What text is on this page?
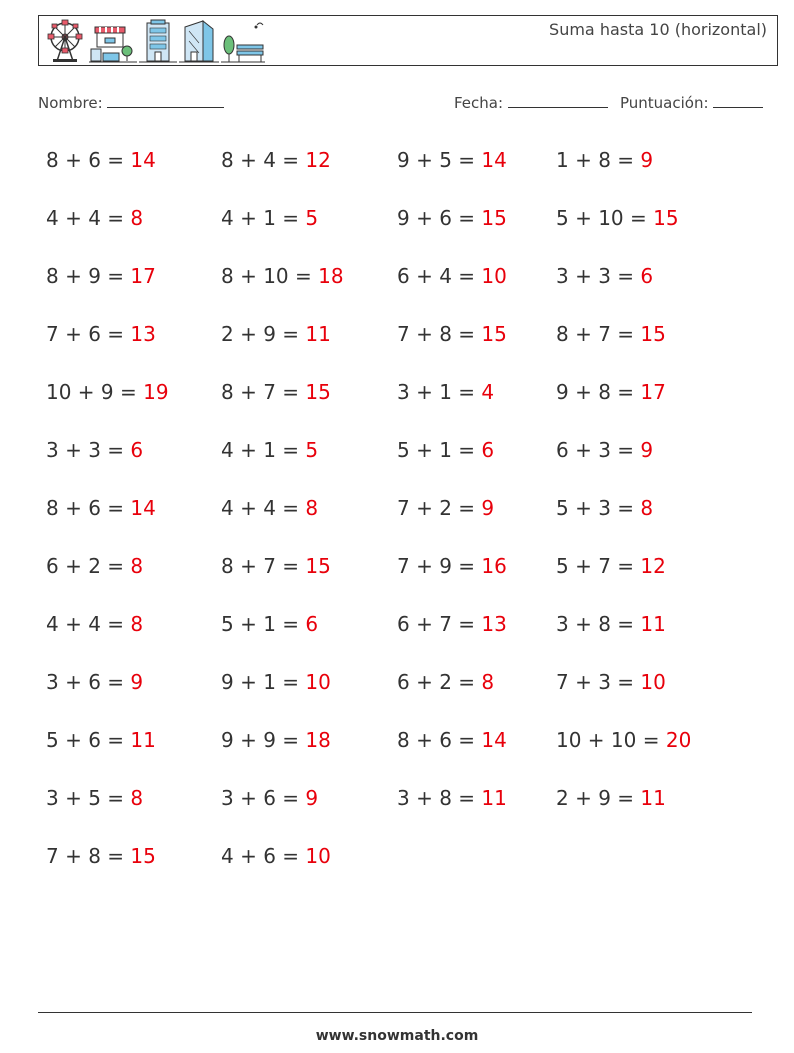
Suma hasta 10 (horizontal)
Nombre:	Fecha:	Puntuación:
8 + 6 = 14	8 + 4 = 12	9 + 5 = 14 1 + 8 = 9
4 + 4 = 8	4 + 1 = 5	9 + 6 = 15 5 + 10 = 15
8 + 9 = 17	8 + 10 = 18	6 + 4 = 10 3 + 3 = 6
7 + 6 = 13	2 + 9 = 11	7 + 8 = 15 8 + 7 = 15
10 + 9 = 19	8 + 7 = 15	3 + 1 = 4	9 + 8 = 17
3 + 3 = 6	4 + 1 = 5	5 + 1 = 6	6 + 3 = 9
8 + 6 = 14	4 + 4 = 8	7 + 2 = 9	5 + 3 = 8
6 + 2 = 8	8 + 7 = 15	7 + 9 = 16 5 + 7 = 12
4 + 4 = 8	5 + 1 = 6	6 + 7 = 13 3 + 8 = 11
3 + 6 = 9	9 + 1 = 10	6 + 2 = 8	7 + 3 = 10
5 + 6 = 11	9 + 9 = 18	8 + 6 = 14 10 + 10 = 20
3 + 5 = 8	3 + 6 = 9	3 + 8 = 11 2 + 9 = 11
7 + 8 = 15	4 + 6 = 10
www.snowmath.com
